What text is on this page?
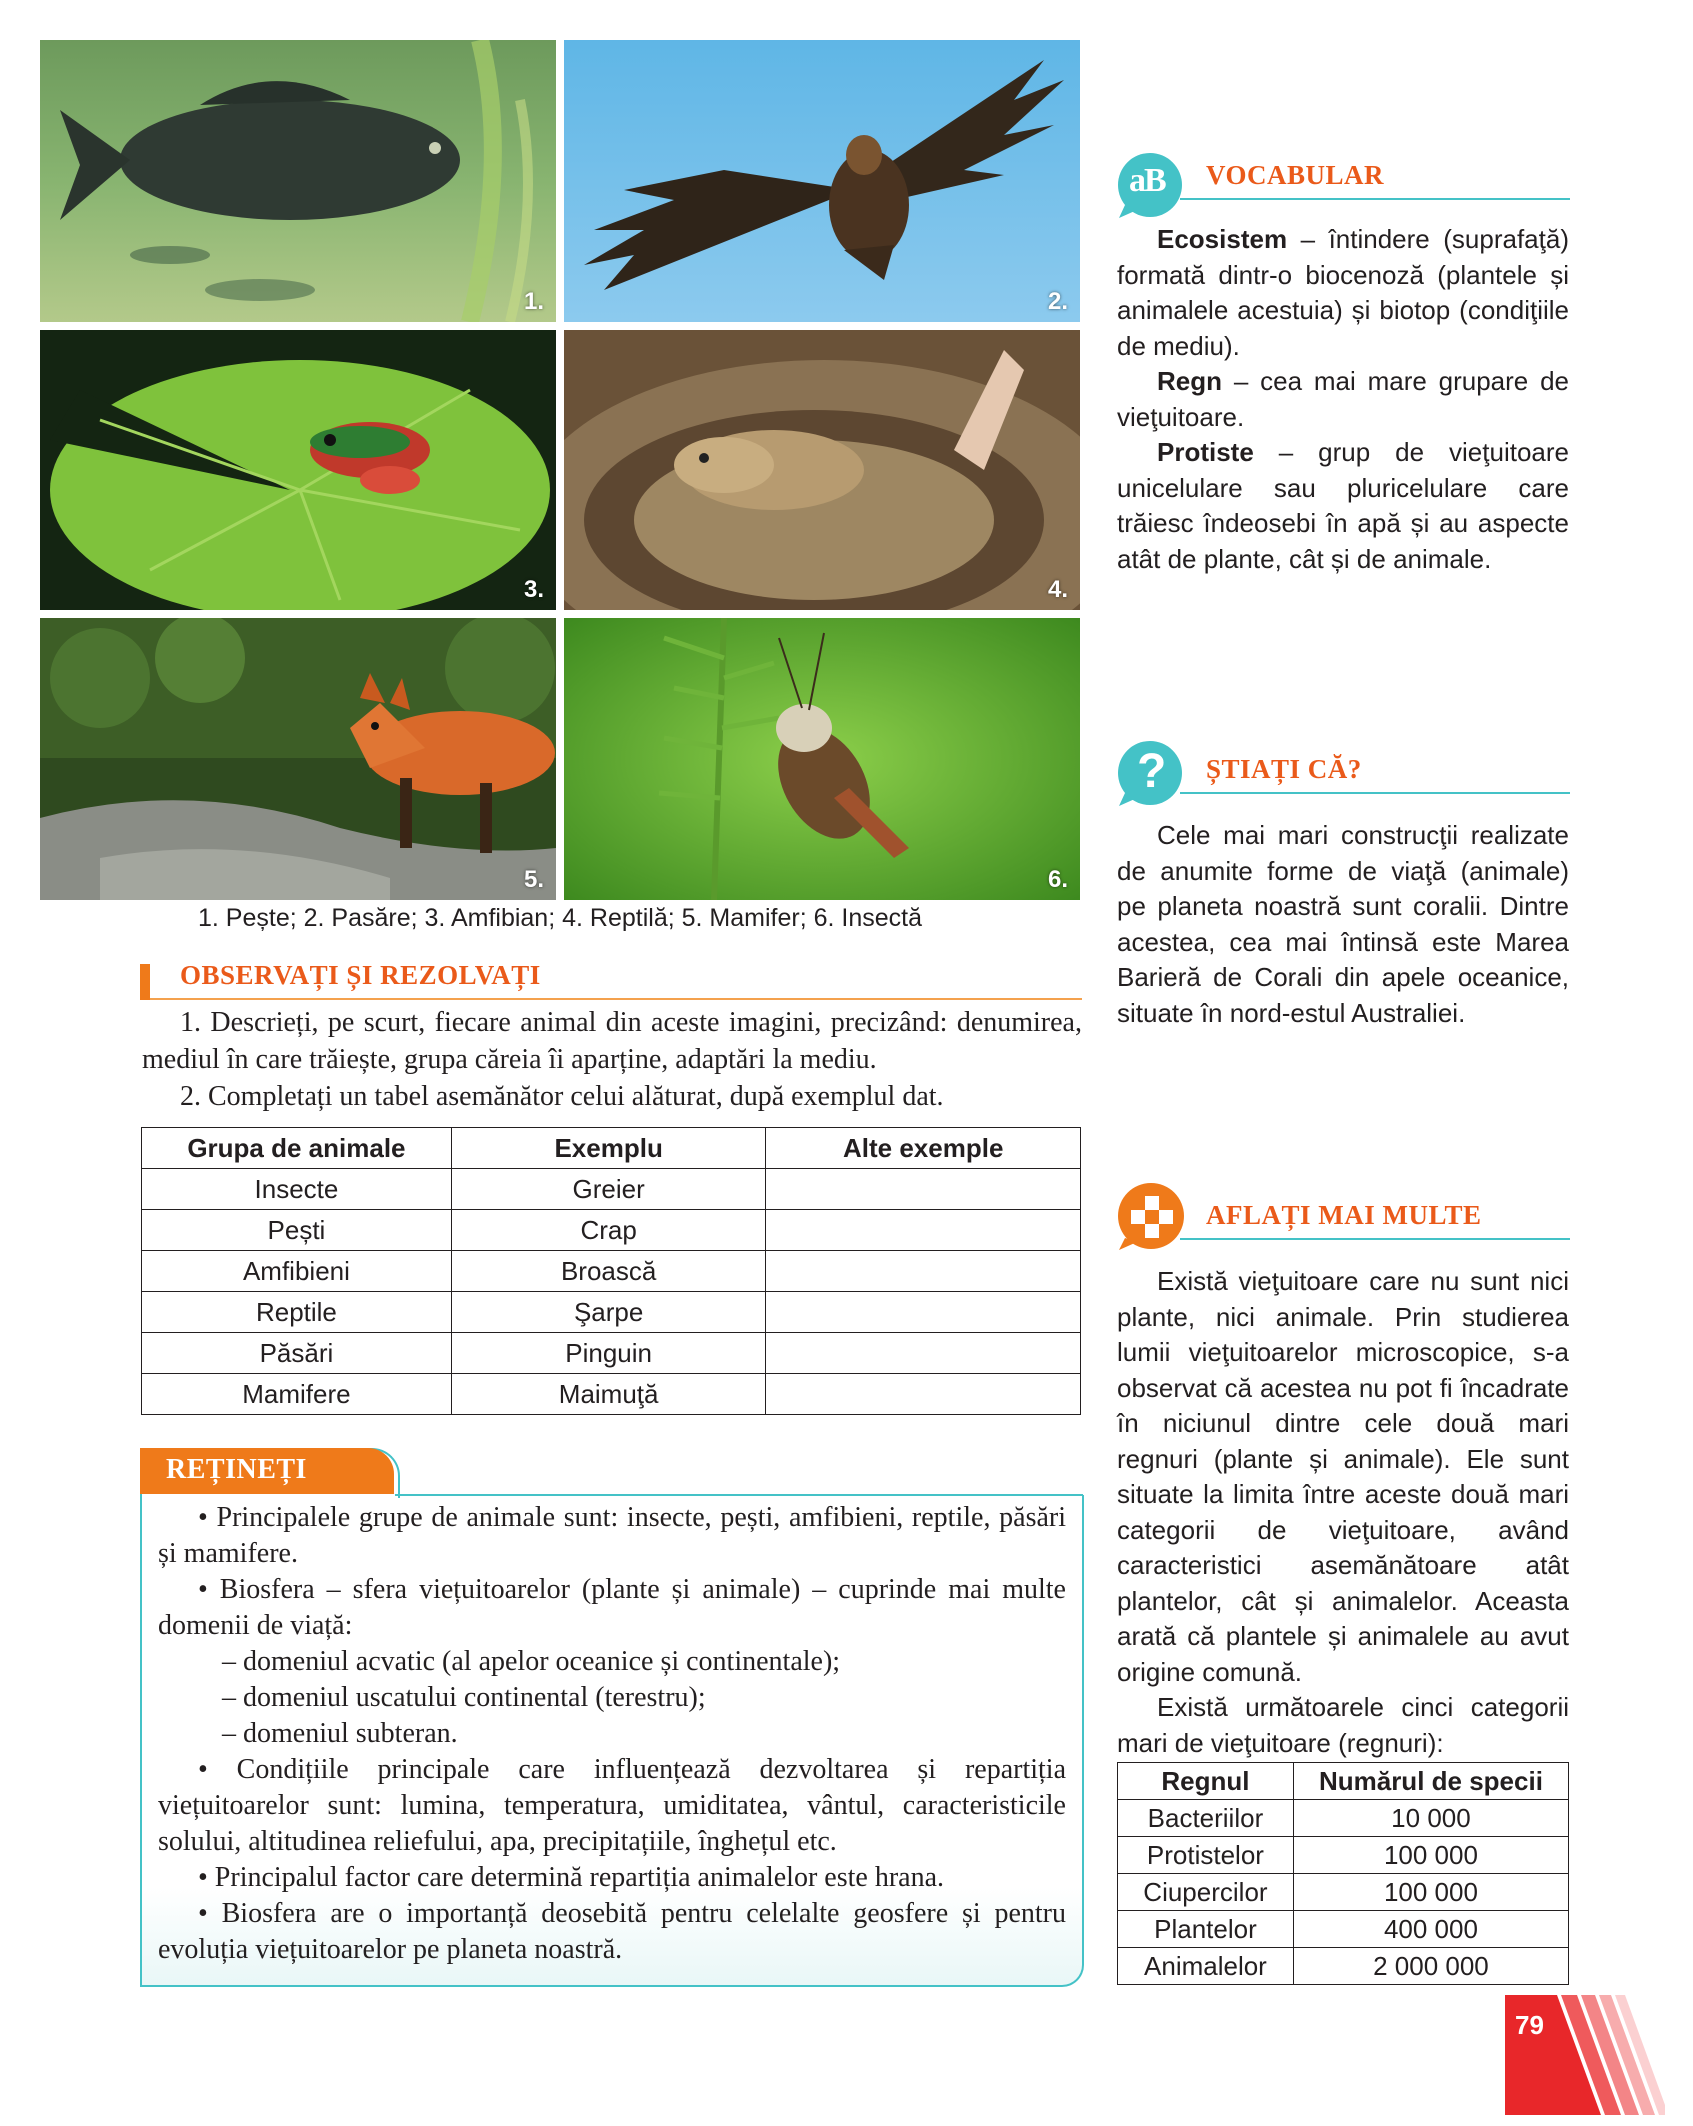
1.	2.
3.	4.
5.	6.
1. Pește; 2. Pasăre; 3. Amfibian; 4. Reptilă; 5. Mamifer; 6. Insectă
OBSERVAȚI ȘI REZOLVAȚI
1. Descrieți, pe scurt, fiecare animal din aceste imagini, precizând: denumirea, mediul în care trăiește, grupa căreia îi aparține, adaptări la mediu.
2. Completați un tabel asemănător celui alăturat, după exemplul dat.
Grupa de animale	Exemplu	Alte exemple
Insecte	Greier	
Pești	Crap	
Amfibieni	Broască	
Reptile	Şarpe	
Păsări	Pinguin	
Mamifere	Maimuţă	
REȚINEȚI

• Principalele grupe de animale sunt: insecte, pești, amfibieni, reptile, păsări și mamifere.

• Biosfera – sfera viețuitoarelor (plante și animale) – cuprinde mai multe domenii de viață:

– domeniul acvatic (al apelor oceanice și continentale);

– domeniul uscatului continental (terestru);

– domeniul subteran.

• Condițiile principale care influențează dezvoltarea și repartiția viețuitoarelor sunt: lumina, temperatura, umiditatea, vântul, caracteristicile solului, altitudinea reliefului, apa, precipitațiile, înghețul etc.

• Principalul factor care determină repartiția animalelor este hrana.

• Biosfera are o importanță deosebită pentru celelalte geosfere și pentru evoluția viețuitoarelor pe planeta noastră.

aB VOCABULAR

Ecosistem – întindere (suprafaţă) formată dintr-o biocenoză (plantele și animalele acestuia) și biotop (condiţiile de mediu).

Regn – cea mai mare grupare de vieţuitoare.

Protiste – grup de vieţuitoare unicelulare sau pluricelulare care trăiesc îndeosebi în apă și au aspecte atât de plante, cât și de animale.

? ȘTIAȚI CĂ?

Cele mai mari construcţii realizate de anumite forme de viaţă (animale) pe planeta noastră sunt coralii. Dintre acestea, cea mai întinsă este Marea Barieră de Corali din apele oceanice, situate în nord-estul Australiei.

AFLAȚI MAI MULTE

Există vieţuitoare care nu sunt nici plante, nici animale. Prin studierea lumii vieţuitoarelor microscopice, s-a observat că acestea nu pot fi încadrate în niciunul dintre cele două mari regnuri (plante și animale). Ele sunt situate la limita între aceste două mari categorii de vieţuitoare, având caracteristici asemănătoare atât plantelor, cât și animalelor. Aceasta arată că plantele și animalele au avut origine comună.

Există următoarele cinci categorii mari de vieţuitoare (regnuri):

Regnul	Numărul de specii
Bacteriilor	10 000
Protistelor	100 000
Ciupercilor	100 000
Plantelor	400 000
Animalelor	2 000 000
79
